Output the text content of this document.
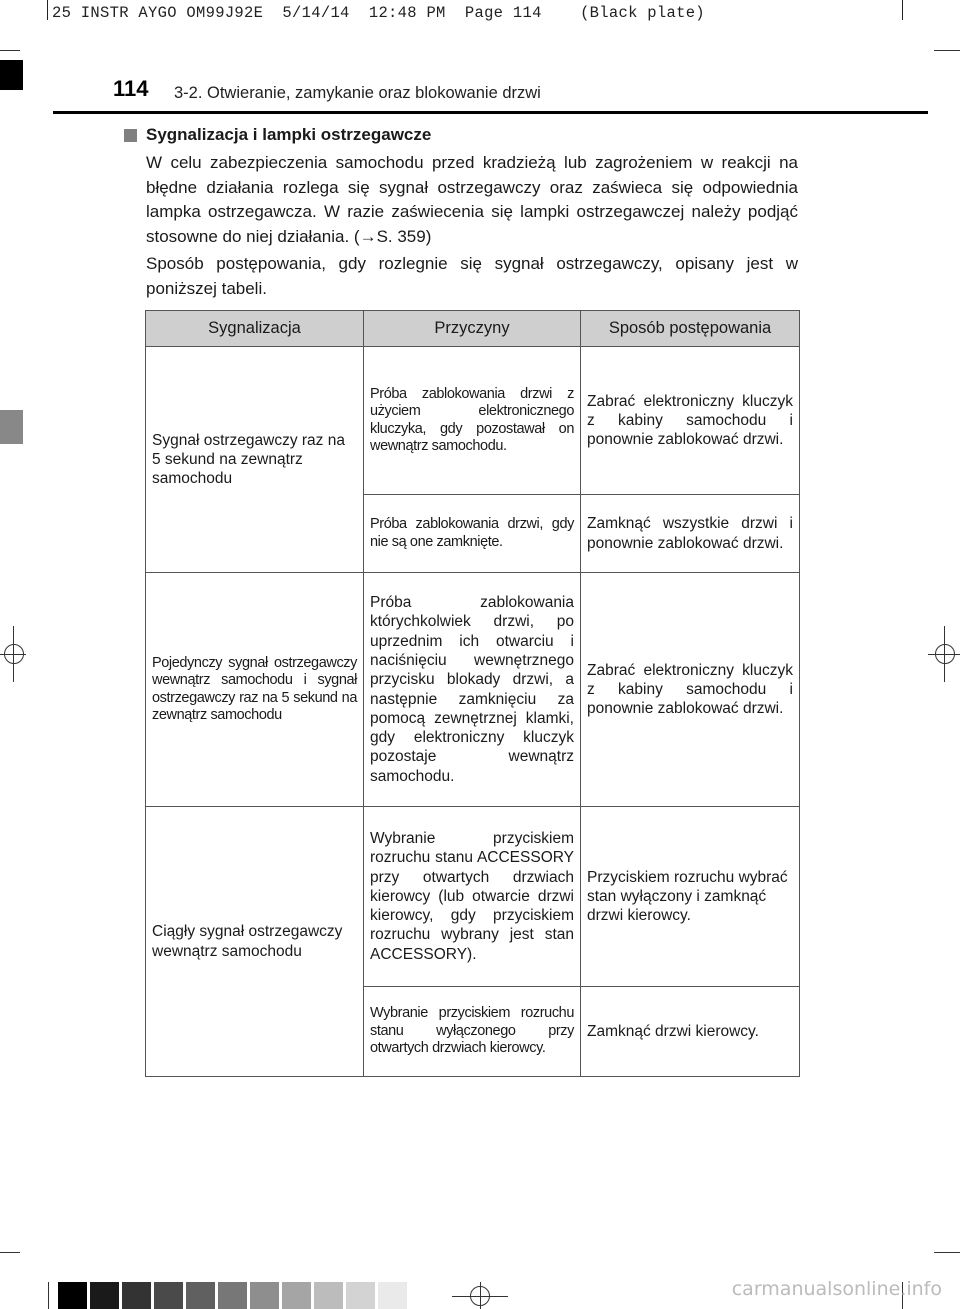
25 INSTR AYGO OM99J92E  5/14/14  12:48 PM  Page 114    (Black plate)
114 3-2. Otwieranie, zamykanie oraz blokowanie drzwi
Sygnalizacja i lampki ostrzegawcze
W celu zabezpieczenia samochodu przed kradzieżą lub zagrożeniem w reakcji na błędne działania rozlega się sygnał ostrzegawczy oraz zaświeca się odpowiednia lampka ostrzegawcza. W razie zaświecenia się lampki ostrzegawczej należy podjąć stosowne do niej działania. (→S. 359)
Sposób postępowania, gdy rozlegnie się sygnał ostrzegawczy, opisany jest w poniższej tabeli.
Sygnalizacja	Przyczyny	Sposób postępowania
Sygnał ostrzegawczy raz na 5 sekund na zewnątrz samochodu	Próba zablokowania drzwi z użyciem elektronicznego kluczyka, gdy pozostawał on wewnątrz samochodu.	Zabrać elektroniczny kluczyk z kabiny samochodu i ponownie zablokować drzwi.
	Próba zablokowania drzwi, gdy nie są one zamknięte.	Zamknąć wszystkie drzwi i ponownie zablokować drzwi.
Pojedynczy sygnał ostrzegawczy wewnątrz samochodu i sygnał ostrzegawczy raz na 5 sekund na zewnątrz samochodu	Próba zablokowania którychkolwiek drzwi, po uprzednim ich otwarciu i naciśnięciu wewnętrznego przycisku blokady drzwi, a następnie zamknięciu za pomocą zewnętrznej klamki, gdy elektroniczny kluczyk pozostaje wewnątrz samochodu.	Zabrać elektroniczny kluczyk z kabiny samochodu i ponownie zablokować drzwi.
Ciągły sygnał ostrzegawczy wewnątrz samochodu	Wybranie przyciskiem rozruchu stanu ACCESSORY przy otwartych drzwiach kierowcy (lub otwarcie drzwi kierowcy, gdy przyciskiem rozruchu wybrany jest stan ACCESSORY).	Przyciskiem rozruchu wybrać stan wyłączony i zamknąć drzwi kierowcy.
	Wybranie przyciskiem rozruchu stanu wyłączonego przy otwartych drzwiach kierowcy.	Zamknąć drzwi kierowcy.
carmanualsonline.info
